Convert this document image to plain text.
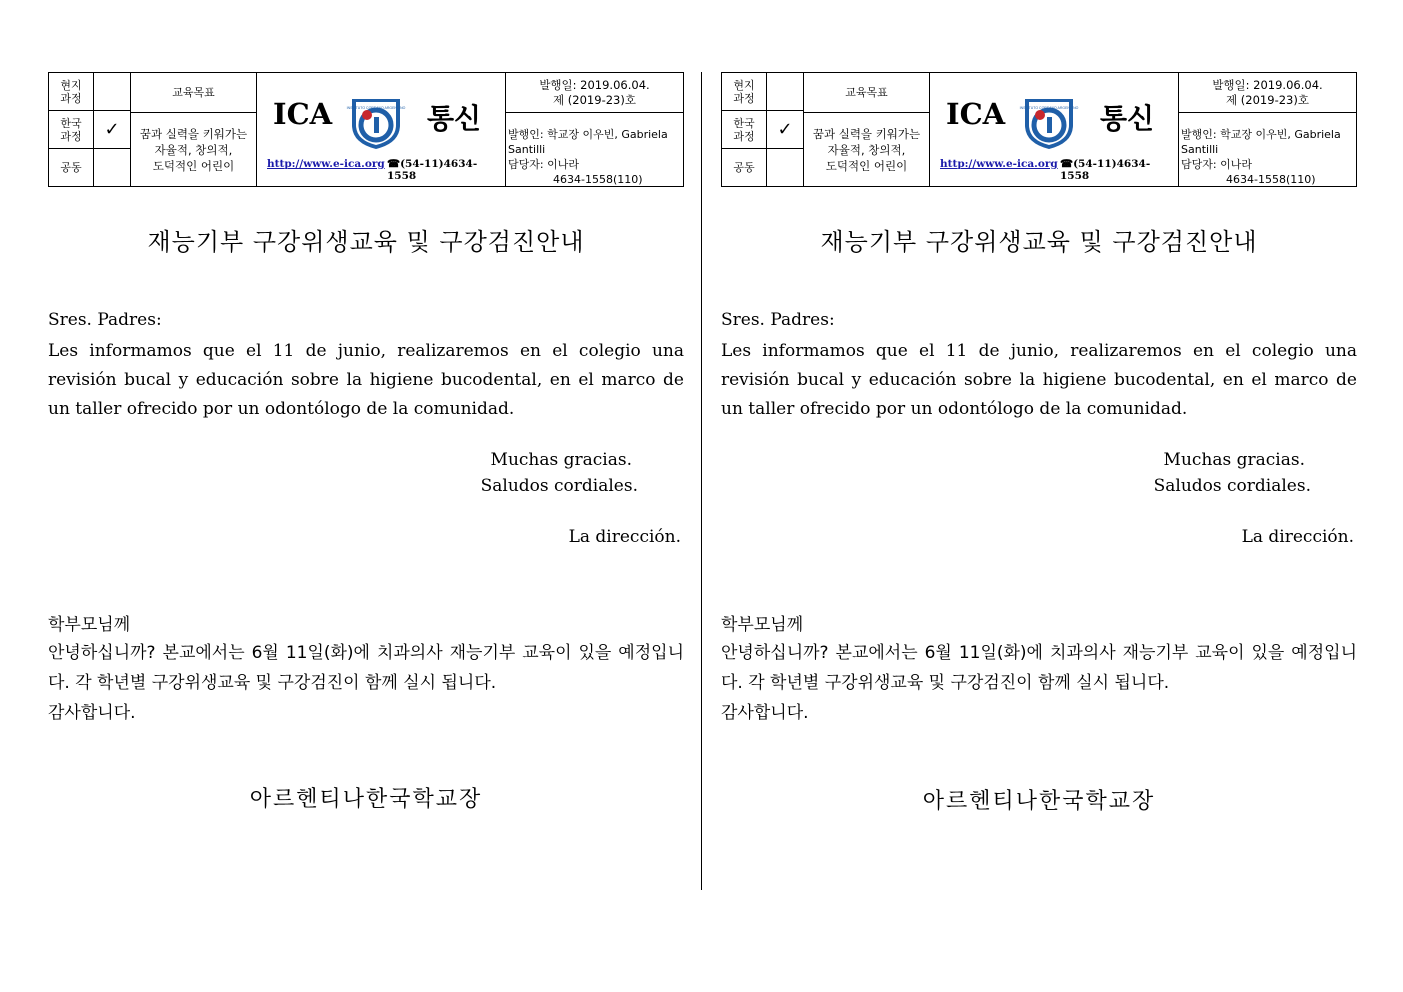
현지
과정
한국
과정 ✓
공동
교육목표
꿈과 실력을 키워가는
자율적, 창의적,
도덕적인 어린이
ICA	INSTITUTO COREANO ARGENTINO 통신
http://www.e-ica.org ☎(54-11)4634-1558
발행일: 2019.06.04.
제 (2019-23)호
발행인: 학교장 이우빈, Gabriela Santilli
담당자: 이나라
4634-1558(110)
재능기부 구강위생교육 및 구강검진안내
Sres. Padres:
Les informamos que el 11 de junio, realizaremos en el colegio una revisión bucal y educación sobre la higiene bucodental, en el marco de un taller ofrecido por un odontólogo de la comunidad.
Muchas gracias.
Saludos cordiales.
La dirección.
학부모님께
안녕하십니까? 본교에서는 6월 11일(화)에 치과의사 재능기부 교육이 있을 예정입니다. 각 학년별 구강위생교육 및 구강검진이 함께 실시 됩니다.
감사합니다.
아르헨티나한국학교장
현지
과정
한국
과정 ✓
공동
교육목표
꿈과 실력을 키워가는
자율적, 창의적,
도덕적인 어린이
ICA	INSTITUTO COREANO ARGENTINO 통신
http://www.e-ica.org ☎(54-11)4634-1558
발행일: 2019.06.04.
제 (2019-23)호
발행인: 학교장 이우빈, Gabriela Santilli
담당자: 이나라
4634-1558(110)
재능기부 구강위생교육 및 구강검진안내
Sres. Padres:
Les informamos que el 11 de junio, realizaremos en el colegio una revisión bucal y educación sobre la higiene bucodental, en el marco de un taller ofrecido por un odontólogo de la comunidad.
Muchas gracias.
Saludos cordiales.
La dirección.
학부모님께
안녕하십니까? 본교에서는 6월 11일(화)에 치과의사 재능기부 교육이 있을 예정입니다. 각 학년별 구강위생교육 및 구강검진이 함께 실시 됩니다.
감사합니다.
아르헨티나한국학교장
